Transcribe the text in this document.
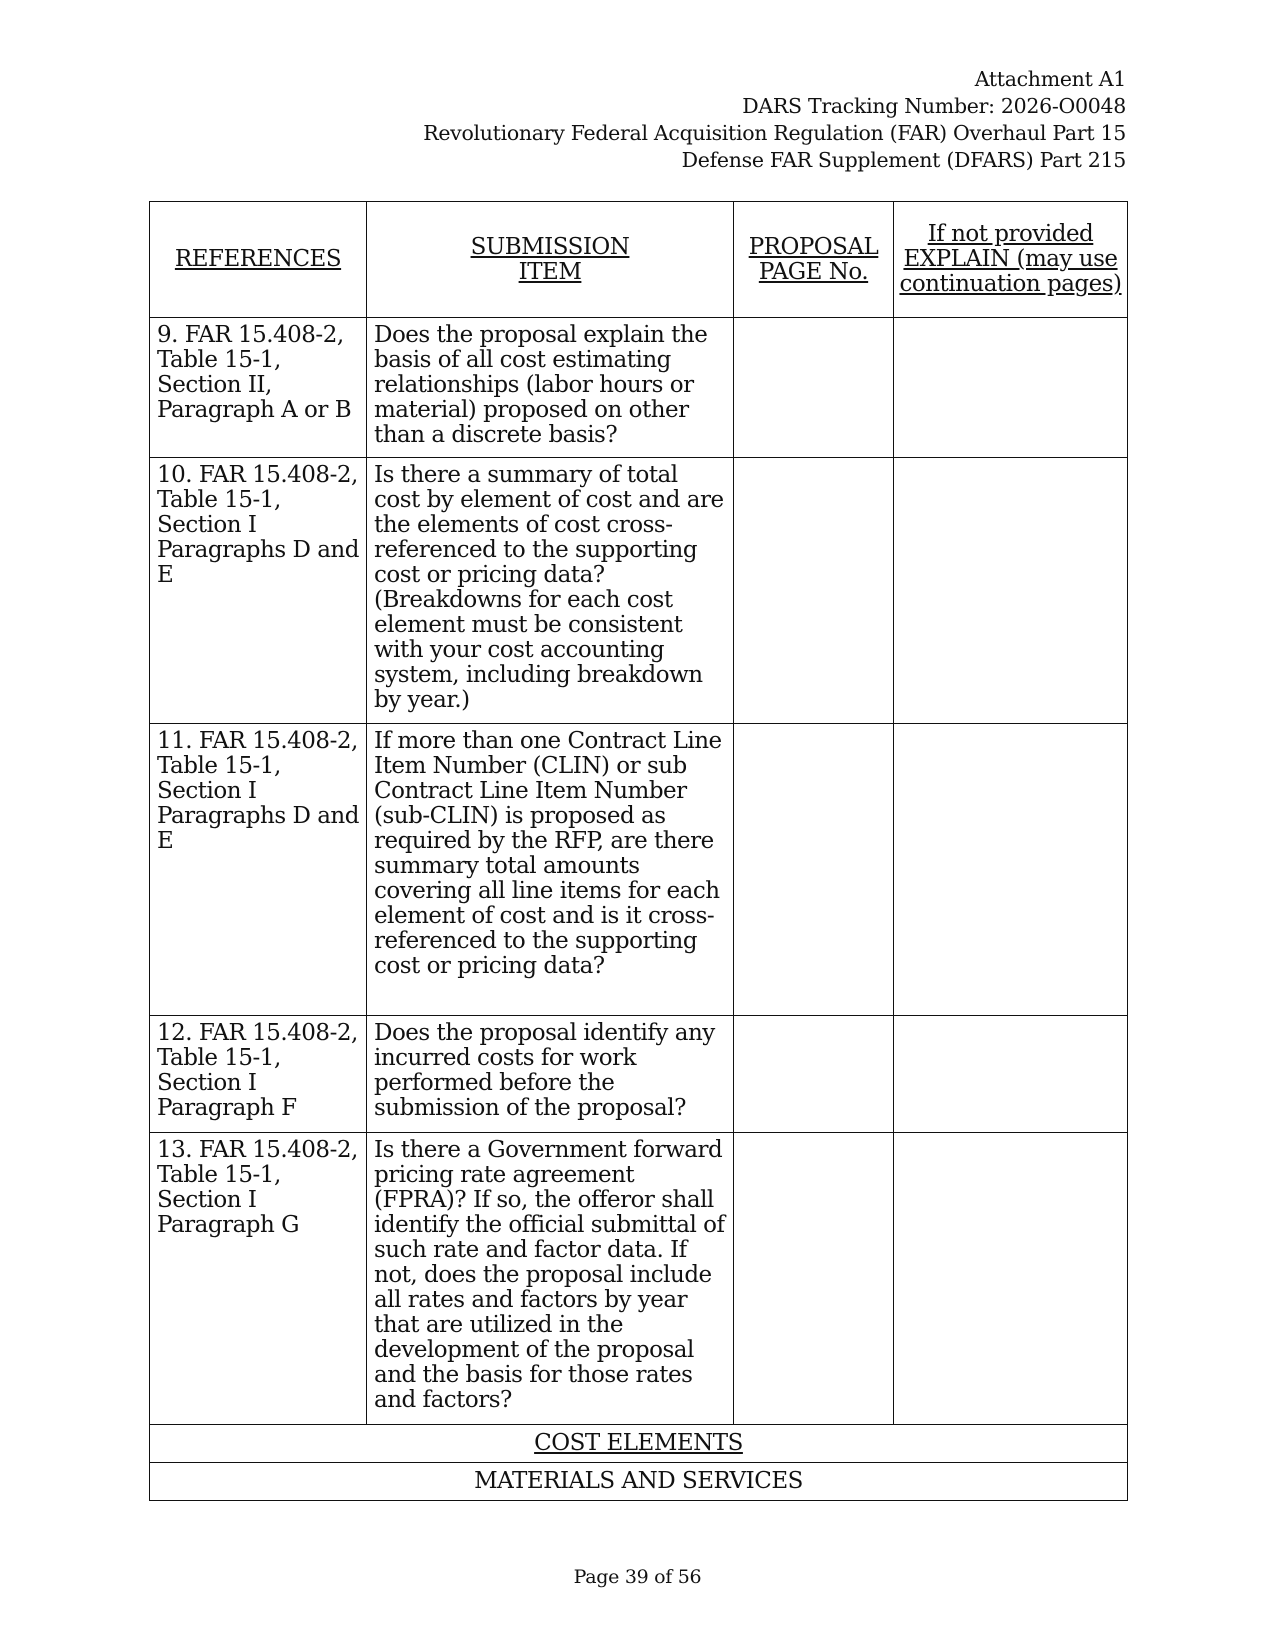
Attachment A1
DARS Tracking Number: 2026-O0048
Revolutionary Federal Acquisition Regulation (FAR) Overhaul Part 15
Defense FAR Supplement (DFARS) Part 215
REFERENCES	SUBMISSION ITEM	PROPOSAL PAGE No.	If not provided EXPLAIN (may use continuation pages)
9. FAR 15.408-2, Table 15-1, Section II, Paragraph A or B	Does the proposal explain the basis of all cost estimating relationships (labor hours or material) proposed on other than a discrete basis?		
10. FAR 15.408-2, Table 15-1, Section I Paragraphs D and E	Is there a summary of total cost by element of cost and are the elements of cost cross-referenced to the supporting cost or pricing data? (Breakdowns for each cost element must be consistent with your cost accounting system, including breakdown by year.)		
11. FAR 15.408-2, Table 15-1, Section I Paragraphs D and E	If more than one Contract Line Item Number (CLIN) or sub Contract Line Item Number (sub-CLIN) is proposed as required by the RFP, are there summary total amounts covering all line items for each element of cost and is it cross-referenced to the supporting cost or pricing data?		
12. FAR 15.408-2, Table 15-1, Section I Paragraph F	Does the proposal identify any incurred costs for work performed before the submission of the proposal?		
13. FAR 15.408-2, Table 15-1, Section I Paragraph G	Is there a Government forward pricing rate agreement (FPRA)? If so, the offeror shall identify the official submittal of such rate and factor data. If not, does the proposal include all rates and factors by year that are utilized in the development of the proposal and the basis for those rates and factors?		
COST ELEMENTS			
MATERIALS AND SERVICES			
Page 39 of 56
